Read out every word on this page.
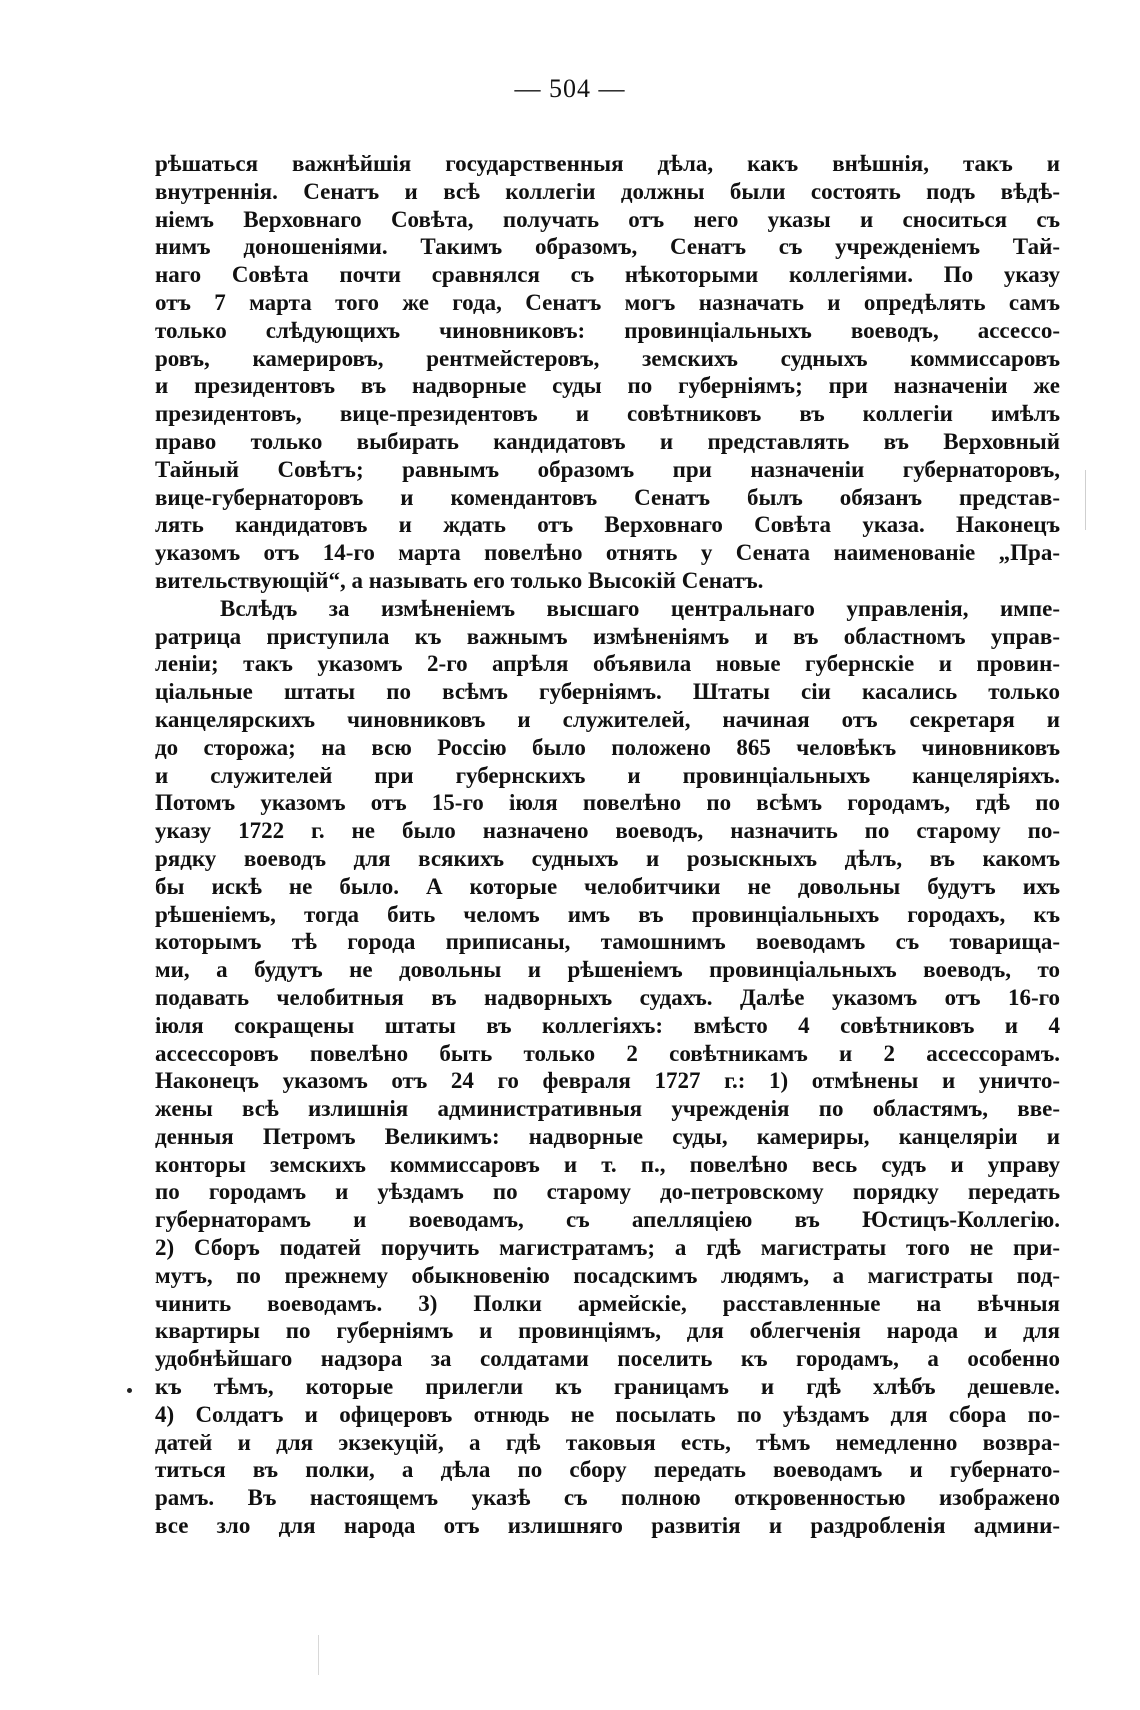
— 504 —
рѣшаться важнѣйшія государственныя дѣла, какъ внѣшнія, такъ и
внутреннія. Сенатъ и всѣ коллегіи должны были состоять подъ вѣдѣ-
ніемъ Верховнаго Совѣта, получать отъ него указы и сноситься съ
нимъ доношеніями. Такимъ образомъ, Сенатъ съ учрежденіемъ Тай-
наго Совѣта почти сравнялся съ нѣкоторыми коллегіями. По указу
отъ 7 марта того же года, Сенатъ могъ назначать и опредѣлять самъ
только слѣдующихъ чиновниковъ: провинціальныхъ воеводъ, ассессо-
ровъ, камерировъ, рентмейстеровъ, земскихъ судныхъ коммиссаровъ
и президентовъ въ надворные суды по губерніямъ; при назначеніи же
президентовъ, вице-президентовъ и совѣтниковъ въ коллегіи имѣлъ
право только выбирать кандидатовъ и представлять въ Верховный
Тайный Совѣтъ; равнымъ образомъ при назначеніи губернаторовъ,
вице-губернаторовъ и комендантовъ Сенатъ былъ обязанъ представ-
лять кандидатовъ и ждать отъ Верховнаго Совѣта указа. Наконецъ
указомъ отъ 14-го марта повелѣно отнять у Сената наименованіе „Пра-
вительствующій“, а называть его только Высокій Сенатъ.
Вслѣдъ за измѣненіемъ высшаго центральнаго управленія, импе-
ратрица приступила къ важнымъ измѣненіямъ и въ областномъ управ-
леніи; такъ указомъ 2-го апрѣля объявила новые губернскіе и провин-
ціальные штаты по всѣмъ губерніямъ. Штаты сіи касались только
канцелярскихъ чиновниковъ и служителей, начиная отъ секретаря и
до сторожа; на всю Россію было положено 865 человѣкъ чиновниковъ
и служителей при губернскихъ и провинціальныхъ канцеляріяхъ.
Потомъ указомъ отъ 15-го іюля повелѣно по всѣмъ городамъ, гдѣ по
указу 1722 г. не было назначено воеводъ, назначить по старому по-
рядку воеводъ для всякихъ судныхъ и розыскныхъ дѣлъ, въ какомъ
бы искѣ не было. А которые челобитчики не довольны будутъ ихъ
рѣшеніемъ, тогда бить челомъ имъ въ провинціальныхъ городахъ, къ
которымъ тѣ города приписаны, тамошнимъ воеводамъ съ товарища-
ми, а будутъ не довольны и рѣшеніемъ провинціальныхъ воеводъ, то
подавать челобитныя въ надворныхъ судахъ. Далѣе указомъ отъ 16-го
іюля сокращены штаты въ коллегіяхъ: вмѣсто 4 совѣтниковъ и 4
ассессоровъ повелѣно быть только 2 совѣтникамъ и 2 ассессорамъ.
Наконецъ указомъ отъ 24 го февраля 1727 г.: 1) отмѣнены и уничто-
жены всѣ излишнія административныя учрежденія по областямъ, вве-
денныя Петромъ Великимъ: надворные суды, камериры, канцеляріи и
конторы земскихъ коммиссаровъ и т. п., повелѣно весь судъ и управу
по городамъ и уѣздамъ по старому до-петровскому порядку передать
губернаторамъ и воеводамъ, съ апелляціею въ Юстицъ-Коллегію.
2) Сборъ податей поручить магистратамъ; а гдѣ магистраты того не при-
мутъ, по прежнему обыкновенію посадскимъ людямъ, а магистраты под-
чинить воеводамъ. 3) Полки армейскіе, расставленные на вѣчныя
квартиры по губерніямъ и провинціямъ, для облегченія народа и для
удобнѣйшаго надзора за солдатами поселить къ городамъ, а особенно
къ тѣмъ, которые прилегли къ границамъ и гдѣ хлѣбъ дешевле.
4) Солдатъ и офицеровъ отнюдь не посылать по уѣздамъ для сбора по-
датей и для экзекуцій, а гдѣ таковыя есть, тѣмъ немедленно возвра-
титься въ полки, а дѣла по сбору передать воеводамъ и губернато-
рамъ. Въ настоящемъ указѣ съ полною откровенностью изображено
все зло для народа отъ излишняго развитія и раздробленія админи-
